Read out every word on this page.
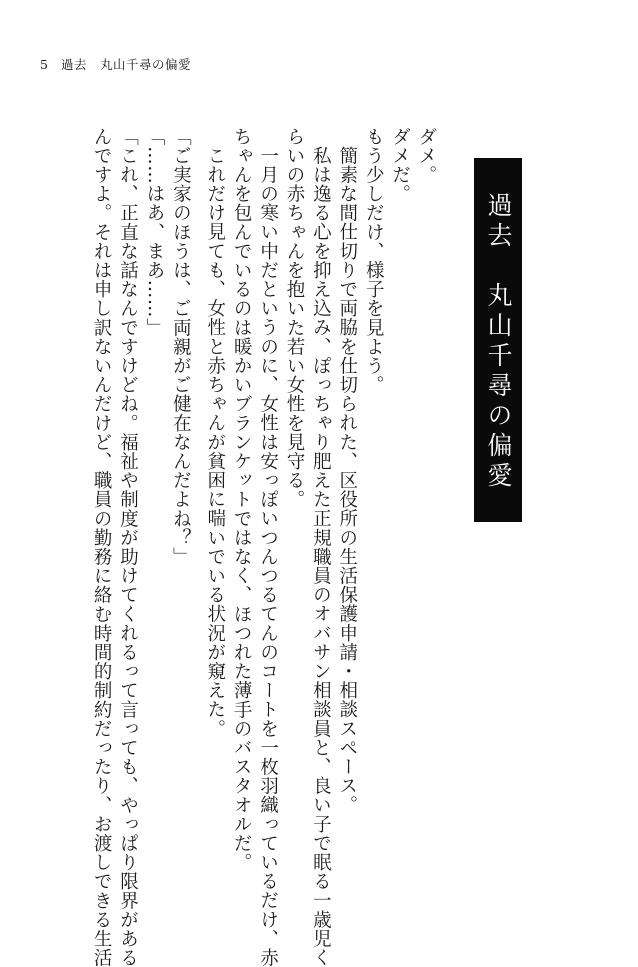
5 過去　丸山千尋の偏愛
過去　丸山千尋の偏愛
ダメ。
ダメだ。
もう少しだけ、様子を見よう。
簡素な間仕切りで両脇を仕切られた、区役所の生活保護申請・相談スペース。
私は逸る心を抑え込み、ぽっちゃり肥えた正規職員のオバサン相談員と、良い子で眠る一歳児く
らいの赤ちゃんを抱いた若い女性を見守る。
一月の寒い中だというのに、女性は安っぽいつんつるてんのコートを一枚羽織っているだけ、赤
ちゃんを包んでいるのは暖かいブランケットではなく、ほつれた薄手のバスタオルだ。
これだけ見ても、女性と赤ちゃんが貧困に喘いでいる状況が窺えた。
「ご実家のほうは、ご両親がご健在なんだよね？」
「……はあ、まあ……」
「これ、正直な話なんですけどね。福祉や制度が助けてくれるって言っても、やっぱり限界がある
んですよ。それは申し訳ないんだけど、職員の勤務に絡む時間的制約だったり、お渡しできる生活
